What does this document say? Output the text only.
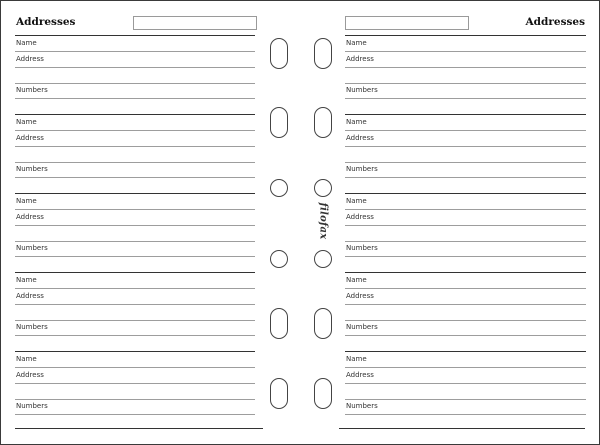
Addresses
Name
Address
Numbers
Name
Address
Numbers
Name
Address
Numbers
Name
Address
Numbers
Name
Address
Numbers
filofax
Addresses
Name
Address
Numbers
Name
Address
Numbers
Name
Address
Numbers
Name
Address
Numbers
Name
Address
Numbers
